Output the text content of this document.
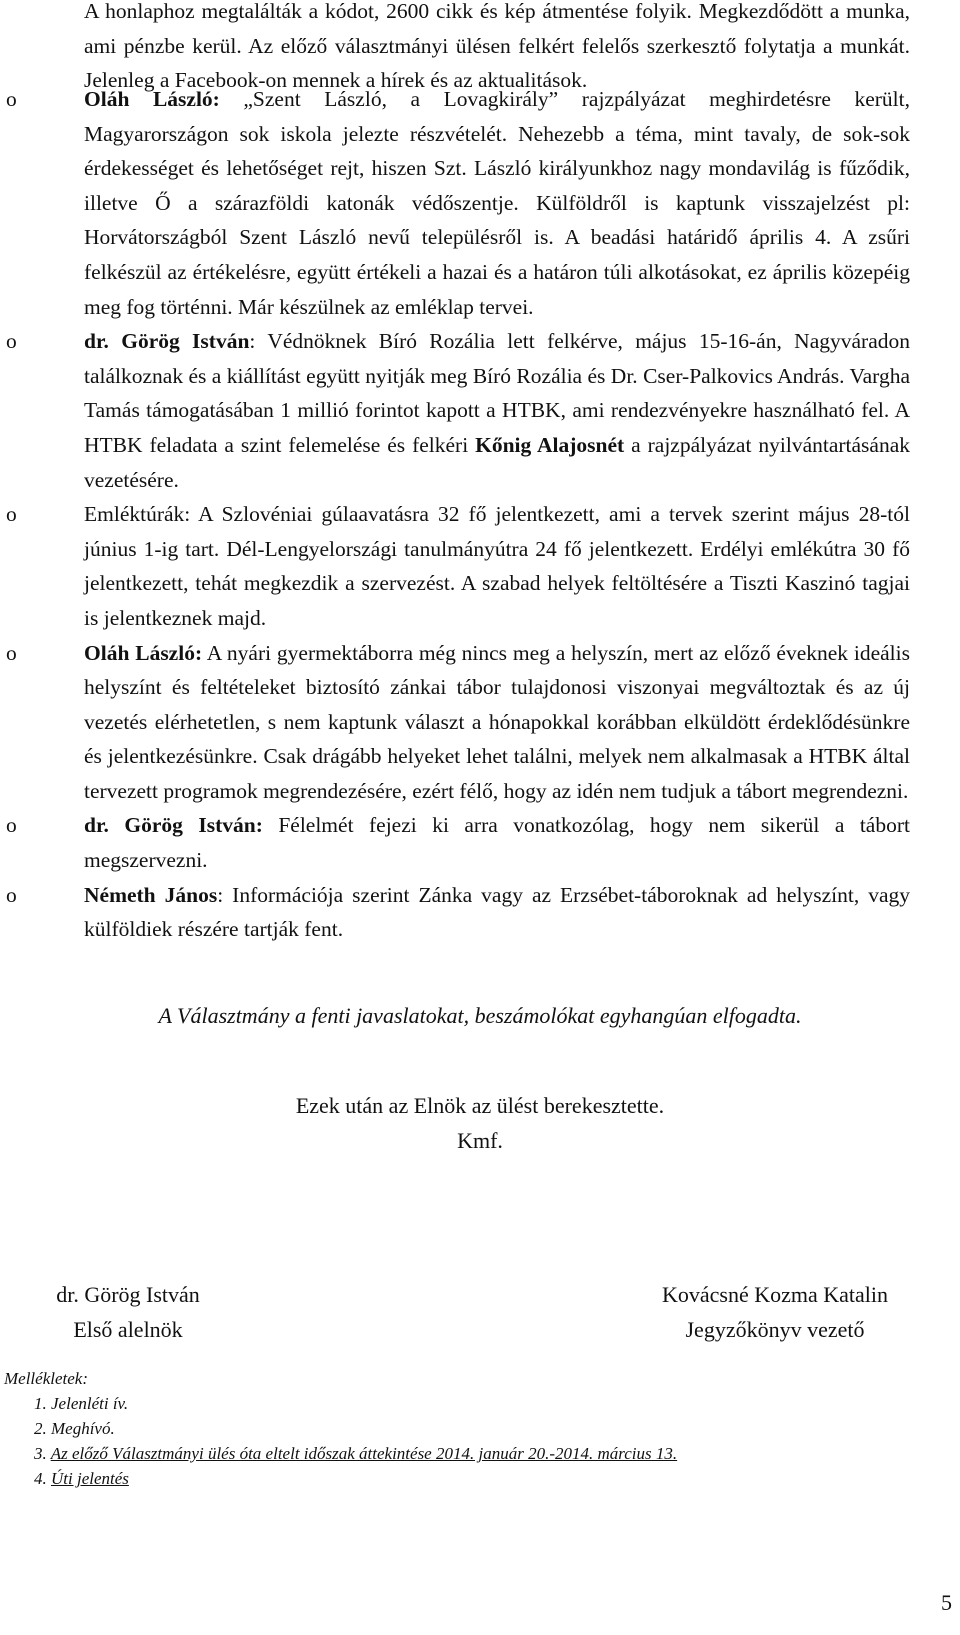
A honlaphoz megtalálták a kódot, 2600 cikk és kép átmentése folyik. Megkezdődött a munka, ami pénzbe kerül. Az előző választmányi ülésen felkért felelős szerkesztő folytatja a munkát. Jelenleg a Facebook-on mennek a hírek és az aktualitások.

o	Oláh László: „Szent László, a Lovagkirály” rajzpályázat meghirdetésre került, Magyarországon sok iskola jelezte részvételét. Nehezebb a téma, mint tavaly, de sok-sok érdekességet és lehetőséget rejt, hiszen Szt. László királyunkhoz nagy mondavilág is fűződik, illetve Ő a szárazföldi katonák védőszentje. Külföldről is kaptunk visszajelzést pl: Horvátországból Szent László nevű településről is. A beadási határidő április 4. A zsűri felkészül az értékelésre, együtt értékeli a hazai és a határon túli alkotásokat, ez április közepéig meg fog történni. Már készülnek az emléklap tervei.
o	dr. Görög István: Védnöknek Bíró Rozália lett felkérve, május 15-16-án, Nagyváradon találkoznak és a kiállítást együtt nyitják meg Bíró Rozália és Dr. Cser-Palkovics András. Vargha Tamás támogatásában 1 millió forintot kapott a HTBK, ami rendezvényekre használható fel. A HTBK feladata a szint felemelése és felkéri Kőnig Alajosnét a rajzpályázat nyilvántartásának vezetésére.
o	Emléktúrák: A Szlovéniai gúlaavatásra 32 fő jelentkezett, ami a tervek szerint május 28-tól június 1-ig tart. Dél-Lengyelországi tanulmányútra 24 fő jelentkezett. Erdélyi emlékútra 30 fő jelentkezett, tehát megkezdik a szervezést. A szabad helyek feltöltésére a Tiszti Kaszinó tagjai is jelentkeznek majd.
o	Oláh László: A nyári gyermektáborra még nincs meg a helyszín, mert az előző éveknek ideális helyszínt és feltételeket biztosító zánkai tábor tulajdonosi viszonyai megváltoztak és az új vezetés elérhetetlen, s nem kaptunk választ a hónapokkal korábban elküldött érdeklődésünkre és jelentkezésünkre. Csak drágább helyeket lehet találni, melyek nem alkalmasak a HTBK által tervezett programok megrendezésére, ezért félő, hogy az idén nem tudjuk a tábort megrendezni.
o	dr. Görög István: Félelmét fejezi ki arra vonatkozólag, hogy nem sikerül a tábort megszervezni.
o	Németh János: Információja szerint Zánka vagy az Erzsébet-táboroknak ad helyszínt, vagy külföldiek részére tartják fent.
A Választmány a fenti javaslatokat, beszámolókat egyhangúan elfogadta.
Ezek után az Elnök az ülést berekesztette.
Kmf.
dr. Görög István
Első alelnök
Kovácsné Kozma Katalin
Jegyzőkönyv vezető
Mellékletek:
1. Jelenléti ív.
2. Meghívó.
3. Az előző Választmányi ülés óta eltelt időszak áttekintése 2014. január 20.-2014. március 13.
4. Úti jelentés
5
